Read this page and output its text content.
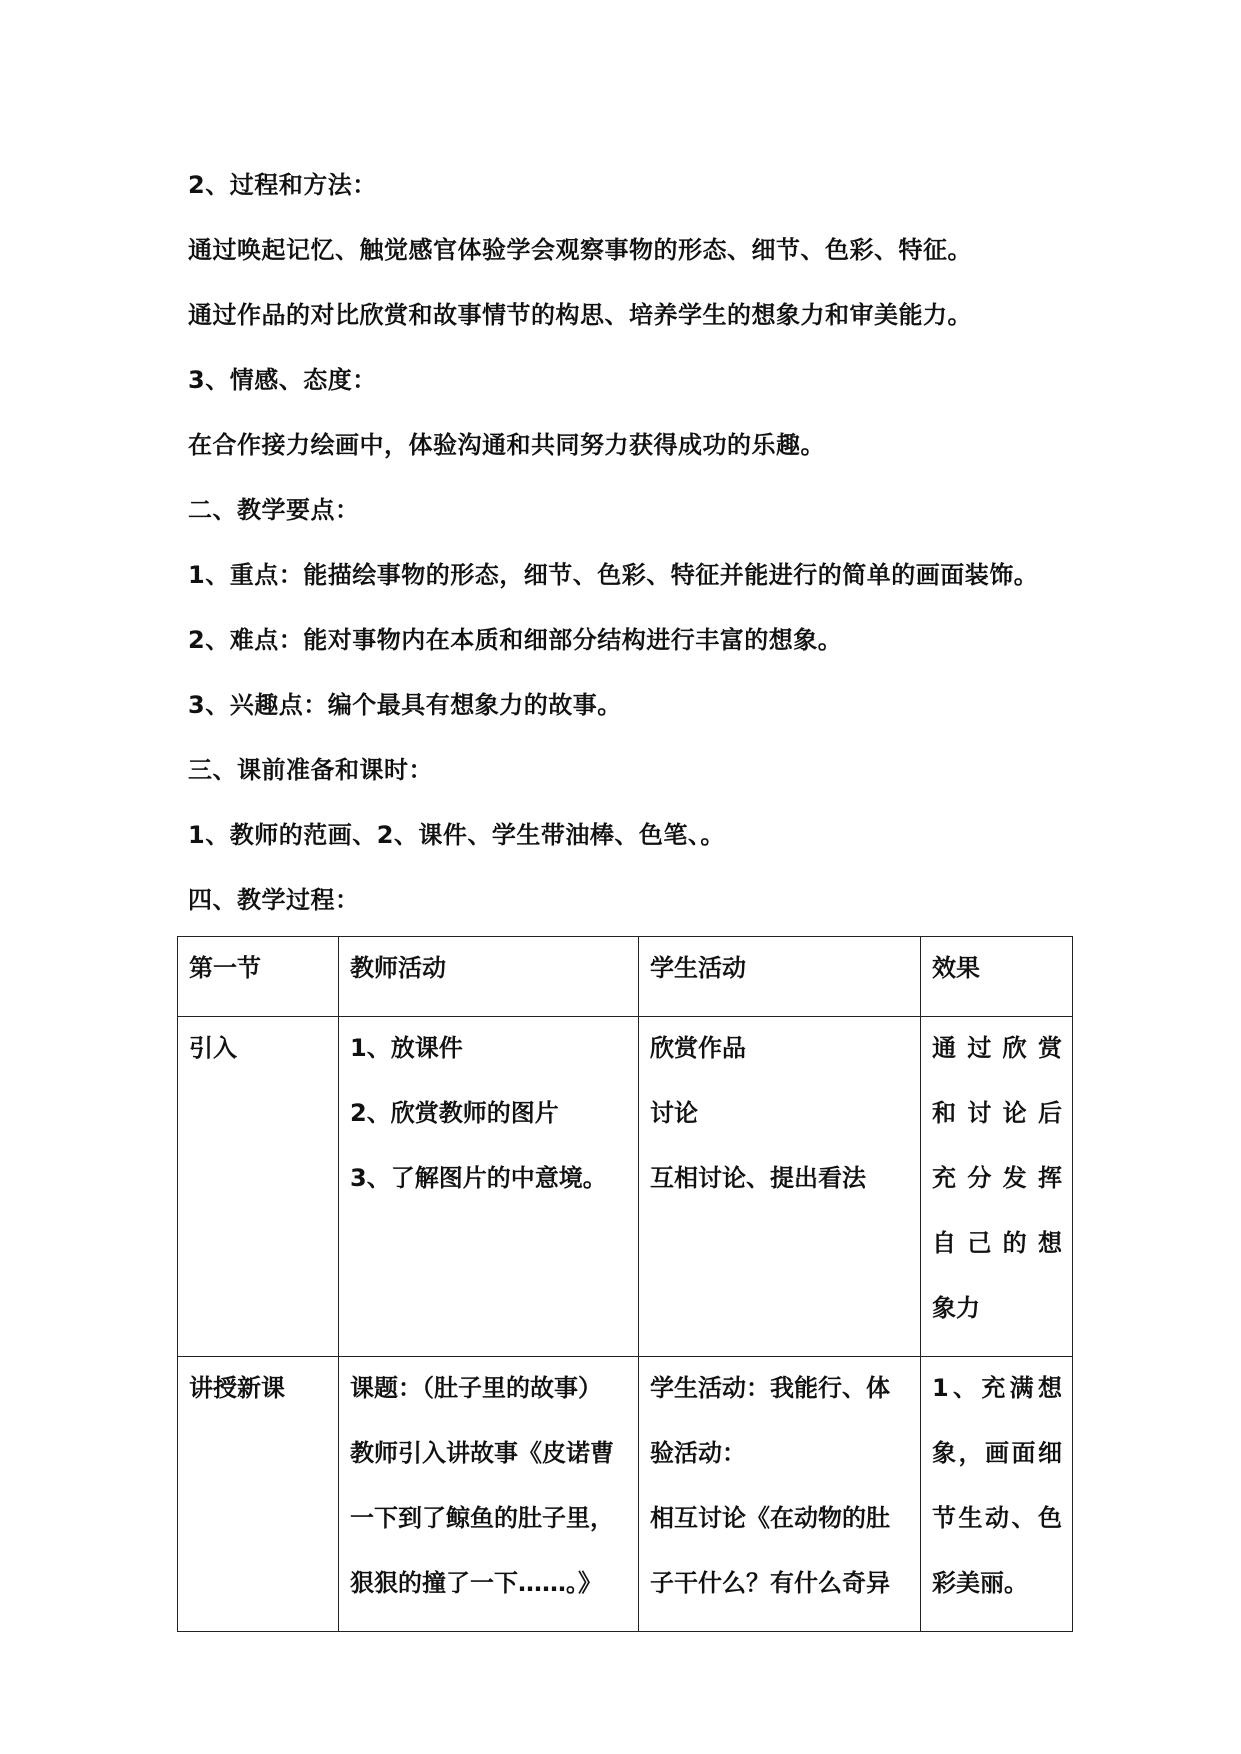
2、过程和方法：
通过唤起记忆、触觉感官体验学会观察事物的形态、细节、色彩、特征。
通过作品的对比欣赏和故事情节的构思、培养学生的想象力和审美能力。
3、情感、态度：
在合作接力绘画中，体验沟通和共同努力获得成功的乐趣。
二、教学要点：
1、重点：能描绘事物的形态，细节、色彩、特征并能进行的简单的画面装饰。
2、难点：能对事物内在本质和细部分结构进行丰富的想象。
3、兴趣点：编个最具有想象力的故事。
三、课前准备和课时：
1、教师的范画、2、课件、学生带油棒、色笔、。
四、教学过程：
第一节	教师活动	学生活动	效果

引入	1、放课件
2、欣赏教师的图片
3、了解图片的中意境。	欣赏作品
讨论
互相讨论、提出看法	通过欣赏
和讨论后
充分发挥
自己的想
象力

讲授新课	课题：（肚子里的故事）
教师引入讲故事《皮诺曹
一下到了鲸鱼的肚子里，
狠狠的撞了一下……。》	学生活动：我能行、体
验活动：
相互讨论《在动物的肚
子干什么？有什么奇异	1、充满想
象，画面细
节生动、色
彩美丽。
